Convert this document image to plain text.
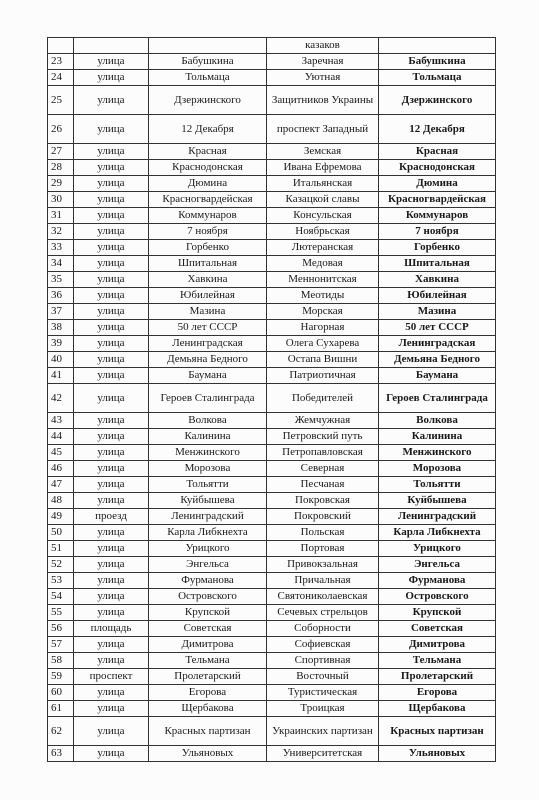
			казаков	
23	улица	Бабушкина	Заречная	Бабушкина
24	улица	Тольмаца	Уютная	Тольмаца
25	улица	Дзержинского	Защитников Украины	Дзержинского
26	улица	12 Декабря	проспект Западный	12 Декабря
27	улица	Красная	Земская	Красная
28	улица	Краснодонская	Ивана Ефремова	Краснодонская
29	улица	Дюмина	Итальянская	Дюмина
30	улица	Красногвардейская	Казацкой славы	Красногвардейская
31	улица	Коммунаров	Консульская	Коммунаров
32	улица	7 ноября	Ноябрьская	7 ноября
33	улица	Горбенко	Лютеранская	Горбенко
34	улица	Шпитальная	Медовая	Шпитальная
35	улица	Хавкина	Меннонитская	Хавкина
36	улица	Юбилейная	Меотиды	Юбилейная
37	улица	Мазина	Морская	Мазина
38	улица	50 лет СССР	Нагорная	50 лет СССР
39	улица	Ленинградская	Олега Сухарева	Ленинградская
40	улица	Демьяна Бедного	Остапа Вишни	Демьяна Бедного
41	улица	Баумана	Патриотичная	Баумана
42	улица	Героев Сталинграда	Победителей	Героев Сталинграда
43	улица	Волкова	Жемчужная	Волкова
44	улица	Калинина	Петровский путь	Калинина
45	улица	Менжинского	Петропавловская	Менжинского
46	улица	Морозова	Северная	Морозова
47	улица	Тольятти	Песчаная	Тольятти
48	улица	Куйбышева	Покровская	Куйбышева
49	проезд	Ленинградский	Покровский	Ленинградский
50	улица	Карла Либкнехта	Польская	Карла Либкнехта
51	улица	Урицкого	Портовая	Урицкого
52	улица	Энгельса	Привокзальная	Энгельса
53	улица	Фурманова	Причальная	Фурманова
54	улица	Островского	Святониколаевская	Островского
55	улица	Крупской	Сечевых стрельцов	Крупской
56	площадь	Советская	Соборности	Советская
57	улица	Димитрова	Софиевская	Димитрова
58	улица	Тельмана	Спортивная	Тельмана
59	проспект	Пролетарский	Восточный	Пролетарский
60	улица	Егорова	Туристическая	Егорова
61	улица	Щербакова	Троицкая	Щербакова
62	улица	Красных партизан	Украинских партизан	Красных партизан
63	улица	Ульяновых	Университетская	Ульяновых
